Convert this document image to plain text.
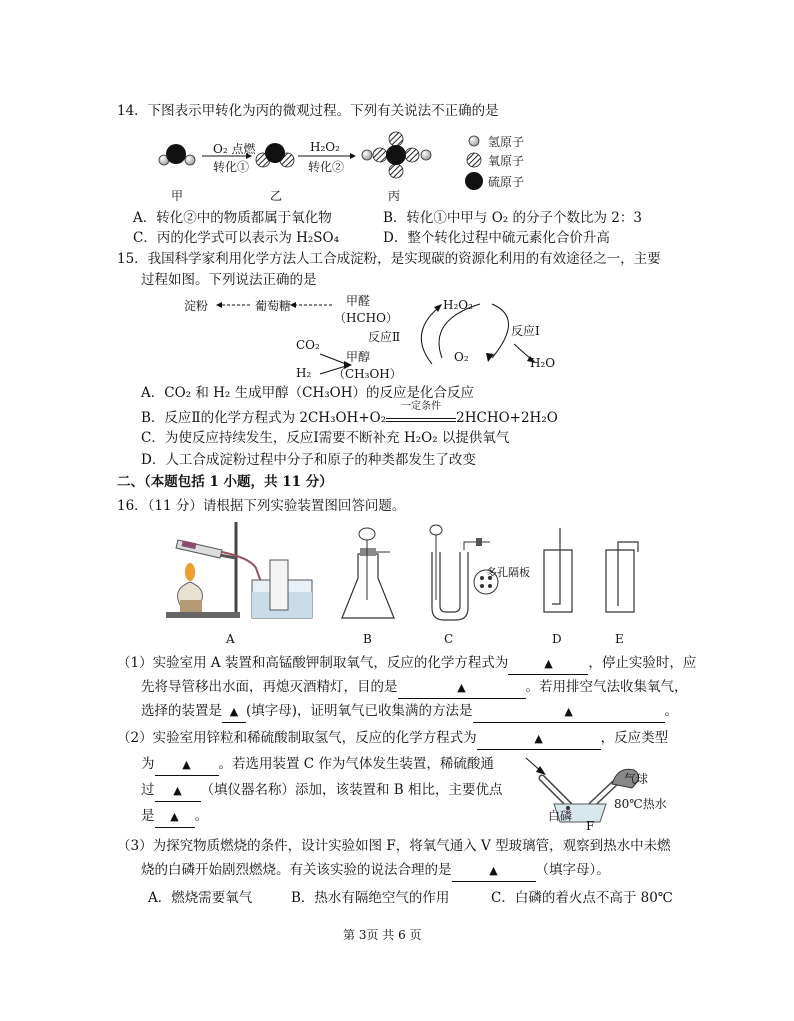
14．下图表示甲转化为丙的微观过程。下列有关说法不正确的是
O₂ 点燃
转化①
H₂O₂
转化②
甲	乙	丙
氢原子
氧原子
硫原子
A．转化②中的物质都属于氧化物	B．转化①中甲与 O₂ 的分子个数比为 2：3
C．丙的化学式可以表示为 H₂SO₄	D．整个转化过程中硫元素化合价升高
15．我国科学家利用化学方法人工合成淀粉，是实现碳的资源化利用的有效途径之一，主要
过程如图。下列说法正确的是
淀粉	葡萄糖	甲醛
（HCHO）
反应Ⅱ
CO₂
H₂
甲醇
（CH₃OH）
H₂O₂
反应Ⅰ
O₂	H₂O
A．CO₂ 和 H₂ 生成甲醇（CH₃OH）的反应是化合反应
B．反应Ⅱ的化学方程式为 2CH₃OH+O₂
一定条件
2HCHO+2H₂O
C．为使反应持续发生，反应Ⅰ需要不断补充 H₂O₂ 以提供氧气
D．人工合成淀粉过程中分子和原子的种类都发生了改变
二、（本题包括 1 小题，共 11 分）
16．（11 分）请根据下列实验装置图回答问题。
多孔隔板
A	B	C	D	E
（1）实验室用 A 装置和高锰酸钾制取氧气，反应的化学方程式为	▲	，停止实验时，应
先将导管移出水面，再熄灭酒精灯，目的是	▲	。若用排空气法收集氧气，
选择的装置是 ▲ (填字母)，证明氧气已收集满的方法是	▲	。
（2）实验室用锌粒和稀硫酸制取氢气，反应的化学方程式为	▲	，反应类型
为	▲ 。若选用装置 C 作为气体发生装置，稀硫酸通
过 ▲ （填仪器名称）添加，该装置和 B 相比，主要优点
是 ▲ 。
气球
80℃热水
白磷
F
（3）为探究物质燃烧的条件，设计实验如图 F，将氧气通入 V 型玻璃管，观察到热水中未燃
烧的白磷开始剧烈燃烧。有关该实验的说法合理的是	▲	（填字母）。
A．燃烧需要氧气	B．热水有隔绝空气的作用	C．白磷的着火点不高于 80℃
第 3页 共 6 页
